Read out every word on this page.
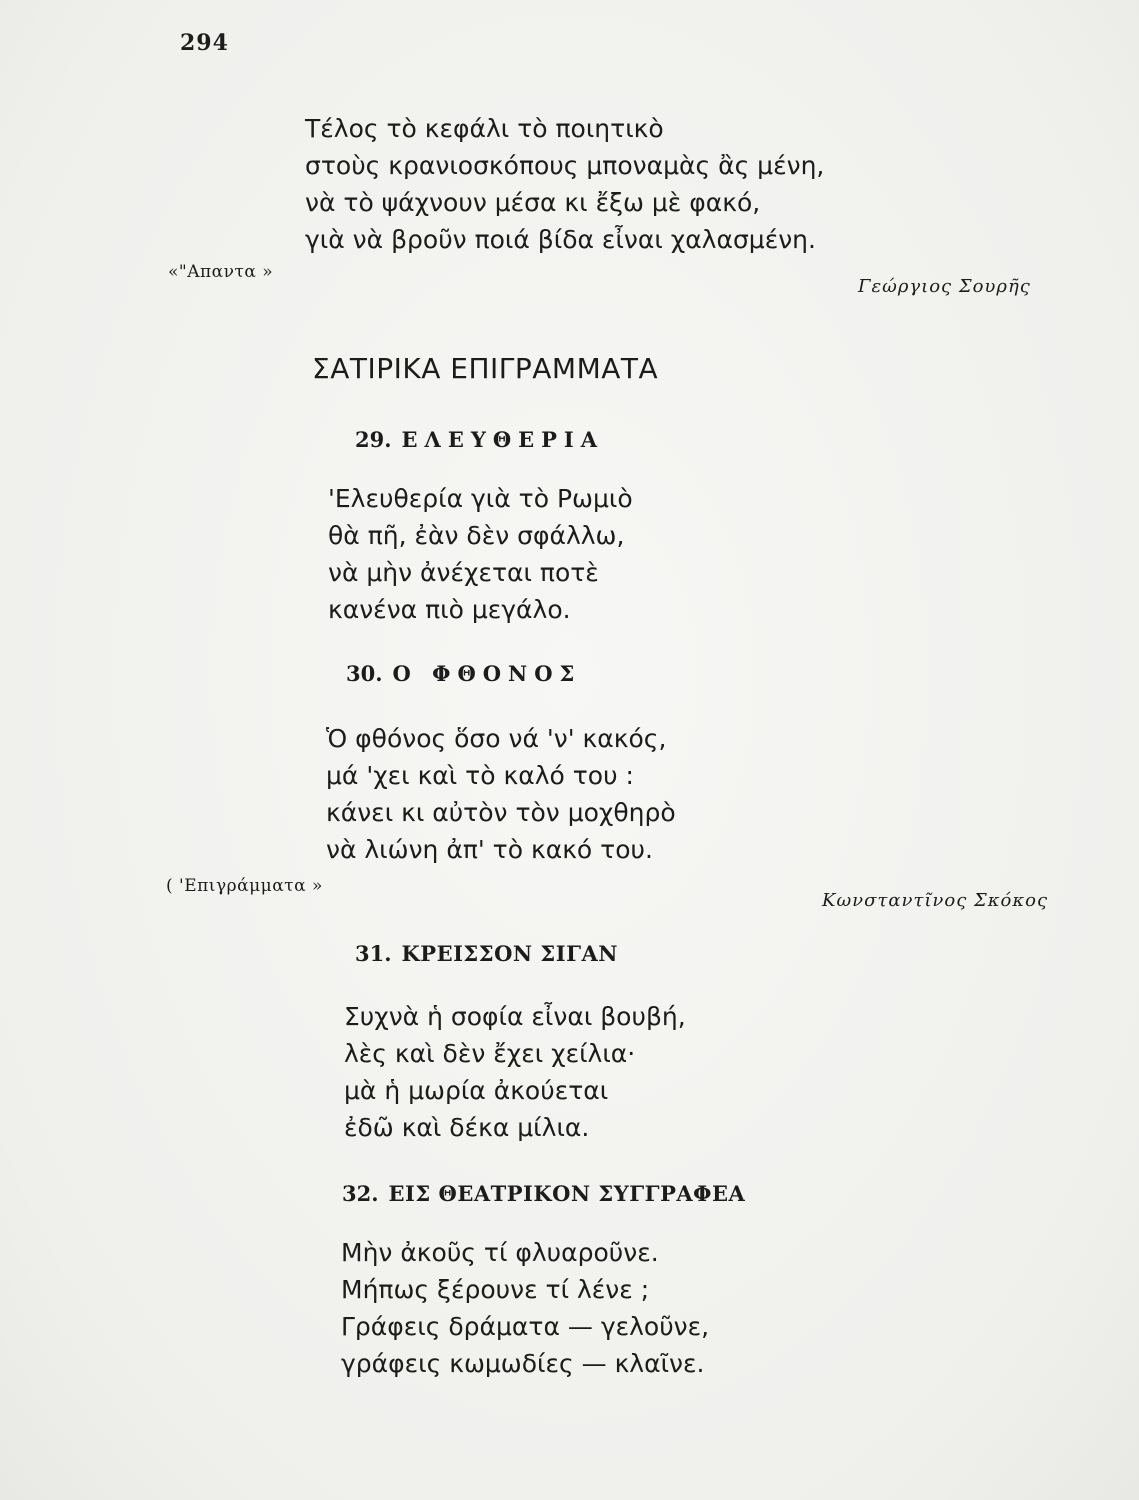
294
Τέλος τὸ κεφάλι τὸ ποιητικὸ
στοὺς κρανιοσκόπους μποναμὰς ἂς μένη,
νὰ τὸ ψάχνουν μέσα κι ἔξω μὲ φακό,
γιὰ νὰ βροῦν ποιά βίδα εἶναι χαλασμένη.
«"Απαντα »
Γεώργιος Σουρῆς
ΣΑΤΙΡΙΚΑ ΕΠΙΓΡΑΜΜΑΤΑ
29. ΕΛΕΥΘΕΡΙΑ
'Ελευθερία γιὰ τὸ Ρωμιὸ
θὰ πῆ, ἐὰν δὲν σφάλλω,
νὰ μὴν ἀνέχεται ποτὲ
κανένα πιὸ μεγάλο.
30. Ο ΦΘΟΝΟΣ
Ὁ φθόνος ὅσο νά 'ν' κακός,
μά 'χει καὶ τὸ καλό του :
κάνει κι αὐτὸν τὸν μοχθηρὸ
νὰ λιώνη ἀπ' τὸ κακό του.
( 'Επιγράμματα »
Κωνσταντῖνος Σκόκος
31. ΚΡΕΙΣΣΟΝ ΣΙΓΑΝ
Συχνὰ ἡ σοφία εἶναι βουβή,
λὲς καὶ δὲν ἔχει χείλια·
μὰ ἡ μωρία ἀκούεται
ἐδῶ καὶ δέκα μίλια.
32. ΕΙΣ ΘΕΑΤΡΙΚΟΝ ΣΥΓΓΡΑΦΕΑ
Μὴν ἀκοῦς τί φλυαροῦνε.
Μήπως ξέρουνε τί λένε ;
Γράφεις δράματα — γελοῦνε,
γράφεις κωμωδίες — κλαῖνε.
